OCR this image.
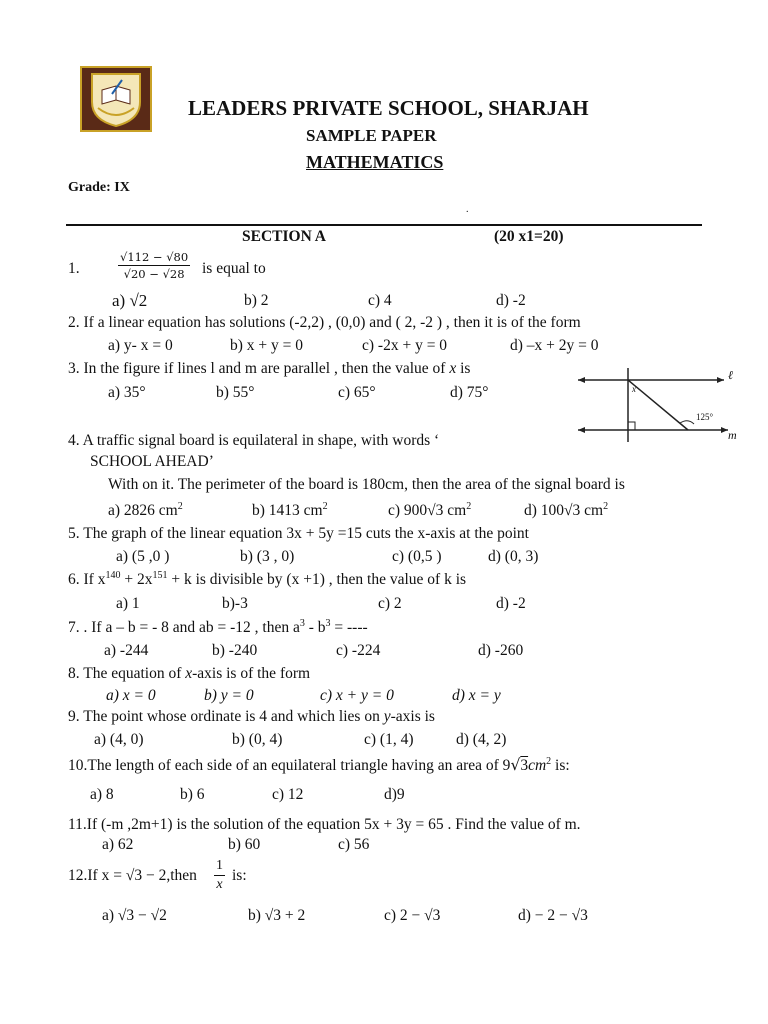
LEADERS PRIVATE SCHOOL, SHARJAH
SAMPLE PAPER
MATHEMATICS
Grade: IX
.
SECTION A	(20 x1=20)
1.	$\frac{√112 - √80}{√20 - √28}$ is equal to
a) √2	b) 2	c) 4	d) -2
2. If a linear equation has solutions (-2,2) , (0,0) and ( 2, -2 ) , then it is of the form
a) y- x = 0	b) x + y = 0	c) -2x + y = 0	d) –x + 2y = 0
3. In the figure if lines l and m are parallel , then the value of x is
a) 35°	b) 55°	c) 65°	d) 75°
ℓ
m
125°
x
4. A traffic signal board is equilateral in shape, with words ‘
SCHOOL AHEAD’
With on it. The perimeter of the board is 180cm, then the area of the signal board is
a) 2826 $cm^2$	b) 1413 $cm^2$	c) 900√3 $cm^2$	d) 100√3 $cm^2$
5. The graph of the linear equation 3x + 5y =15 cuts the x-axis at the point
a) (5 ,0 )	b) (3 , 0)	c) (0,5 )	d) (0, 3)
6. If $x^{140} + 2x^{151} + k$ is divisible by (x +1) , then the value of k is
a) 1	b)-3	c) 2	d) -2
7. . If a – b = - 8 and ab = -12 , then $a^3 - b^3$ = ----
a) -244	b) -240	c) -224	d) -260
8. The equation of x-axis is of the form
a) x = 0	b) y = 0	c) x + y = 0	d) x = y
9. The point whose ordinate is 4 and which lies on y-axis is
a) (4, 0)	b) (0, 4)	c) (1, 4)	d) (4, 2)
10.The length of each side of an equilateral triangle having an area of $9√3cm^2$ is:
a) 8	b) 6	c) 12	d)9
11.If (-m ,2m+1) is the solution of the equation 5x + 3y = 65 . Find the value of m.
a) 62	b) 60	c) 56
12.If x = √3 − 2,then $\frac{1}{x}$ is:
a) √3 − √2	b) √3 + 2	c) 2 − √3	d) − 2 − √3
